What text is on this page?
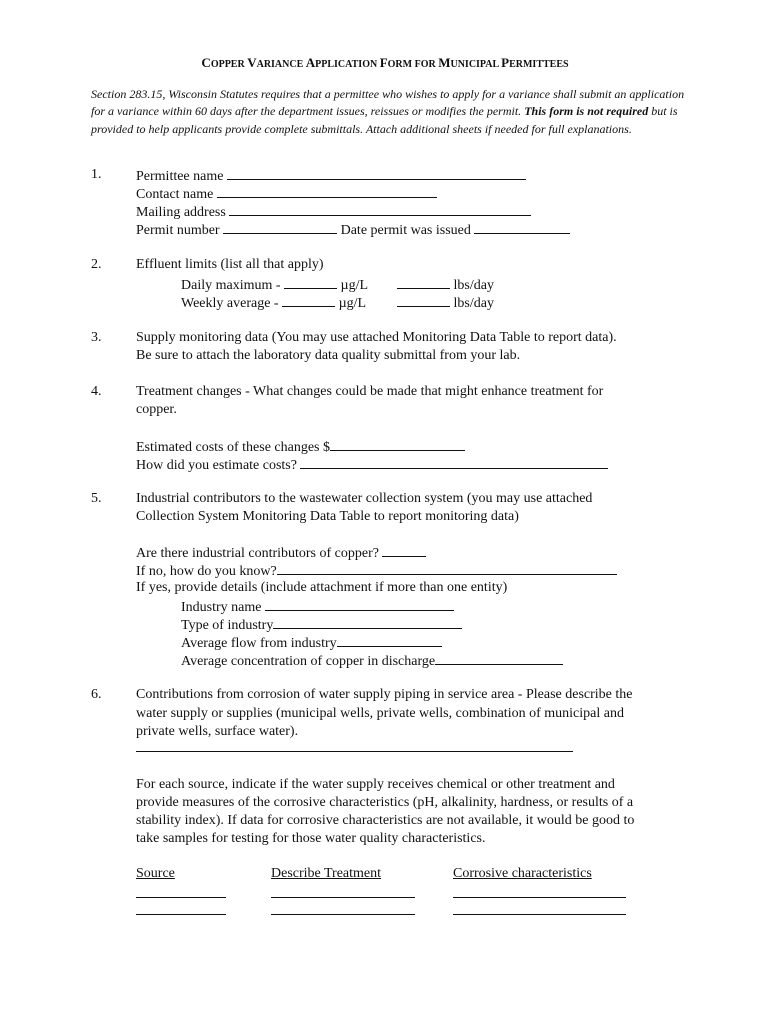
COPPER VARIANCE APPLICATION FORM FOR MUNICIPAL PERMITTEES
Section 283.15, Wisconsin Statutes requires that a permittee who wishes to apply for a variance shall submit an application for a variance within 60 days after the department issues, reissues or modifies the permit. This form is not required but is provided to help applicants provide complete submittals. Attach additional sheets if needed for full explanations.
1. Permittee name
Contact name
Mailing address
Permit number	Date permit was issued
2. Effluent limits (list all that apply)
Daily maximum -	µg/L	lbs/day
Weekly average -	µg/L	lbs/day
3. Supply monitoring data (You may use attached Monitoring Data Table to report data).
Be sure to attach the laboratory data quality submittal from your lab.
4. Treatment changes - What changes could be made that might enhance treatment for
copper.
Estimated costs of these changes $
How did you estimate costs?
5. Industrial contributors to the wastewater collection system (you may use attached
Collection System Monitoring Data Table to report monitoring data)
Are there industrial contributors of copper?
If no, how do you know?
If yes, provide details (include attachment if more than one entity)
Industry name
Type of industry
Average flow from industry
Average concentration of copper in discharge
6. Contributions from corrosion of water supply piping in service area - Please describe the
water supply or supplies (municipal wells, private wells, combination of municipal and
private wells, surface water).
For each source, indicate if the water supply receives chemical or other treatment and
provide measures of the corrosive characteristics (pH, alkalinity, hardness, or results of a
stability index). If data for corrosive characteristics are not available, it would be good to
take samples for testing for those water quality characteristics.
Source	Describe Treatment	Corrosive characteristics
